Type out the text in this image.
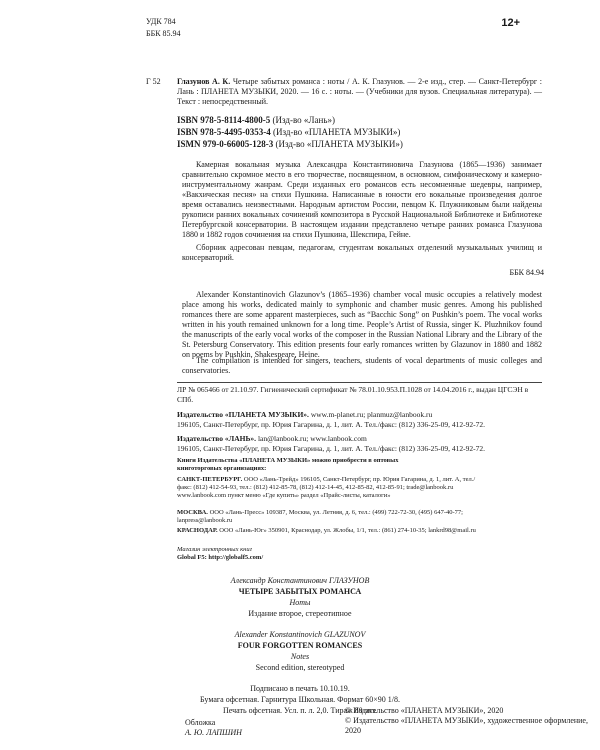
УДК 784
ББК 85.94
12+
Г 52 Глазунов А. К. Четыре забытых романса : ноты / А. К. Глазунов. — 2-е изд., стер. — Санкт-Петербург : Лань : ПЛАНЕТА МУЗЫКИ, 2020. — 16 с. : ноты. — (Учебники для вузов. Специальная литература). — Текст : непосредственный.
ISBN 978-5-8114-4800-5 (Изд-во «Лань»)
ISBN 978-5-4495-0353-4 (Изд-во «ПЛАНЕТА МУЗЫКИ»)
ISMN 979-0-66005-128-3 (Изд-во «ПЛАНЕТА МУЗЫКИ»)
Камерная вокальная музыка Александра Константиновича Глазунова (1865—1936) занимает сравнительно скромное место в его творчестве, посвященном, в основном, симфоническому и камерно-инструментальному жанрам. Среди изданных его романсов есть несомненные шедевры, например, «Вакхическая песня» на стихи Пушкина. Написанные в юности его вокальные произведения долгое время оставались неизвестными. Народным артистом России, певцом К. Плужниковым были найдены рукописи ранних вокальных сочинений композитора в Русской Национальной Библиотеке и Библиотеке Петербургской консерватории. В настоящем издании представлено четыре ранних романса Глазунова 1880 и 1882 годов сочинения на стихи Пушкина, Шекспира, Гейне.
Сборник адресован певцам, педагогам, студентам вокальных отделений музыкальных училищ и консерваторий.
ББК 84.94
Alexander Konstantinovich Glazunov’s (1865–1936) chamber vocal music occupies a relatively modest place among his works, dedicated mainly to symphonic and chamber music genres. Among his published romances there are some apparent masterpieces, such as “Bacchic Song” on Pushkin’s poem. The vocal works written in his youth remained unknown for a long time. People’s Artist of Russia, singer K. Pluzhnikov found the manuscripts of the early vocal works of the composer in the Russian National Library and the Library of the St. Petersburg Conservatory. This edition presents four early romances written by Glazunov in 1880 and 1882 on poems by Pushkin, Shakespeare, Heine.
The compilation is intended for singers, teachers, students of vocal departments of music colleges and conservatories.
ЛР № 065466 от 21.10.97. Гигиенический сертификат № 78.01.10.953.П.1028 от 14.04.2016 г., выдан ЦГСЭН в СПб.
Издательство «ПЛАНЕТА МУЗЫКИ». www.m-planet.ru; planmuz@lanbook.ru
196105, Санкт-Петербург, пр. Юрия Гагарина, д. 1, лит. А. Тел./факс: (812) 336-25-09, 412-92-72.
Издательство «ЛАНЬ». lan@lanbook.ru; www.lanbook.com
196105, Санкт-Петербург, пр. Юрия Гагарина, д. 1, лит. А. Тел./факс: (812) 336-25-09, 412-92-72.
Книги Издательства «ПЛАНЕТА МУЗЫКИ» можно приобрести в оптовых книготорговых организациях:
САНКТ-ПЕТЕРБУРГ. ООО «Лань-Трейд» 196105, Санкт-Петербург, пр. Юрия Гагарина, д. 1, лит. А, тел./факс: (812) 412-54-93, тел.: (812) 412-85-78, (812) 412-14-45, 412-85-82, 412-85-91; trade@lanbook.ru www.lanbook.com пункт меню «Где купить» раздел «Прайс-листы, каталоги»
МОСКВА. ООО «Лань-Пресс» 109387, Москва, ул. Летняя, д. 6, тел.: (499) 722-72-30, (495) 647-40-77; lanpress@lanbook.ru
КРАСНОДАР. ООО «Лань-Юг» 350901, Краснодар, ул. Жлобы, 1/1, тел.: (861) 274-10-35; lankrd98@mail.ru
Магазин электронных книг
Global F5: http://globalf5.com/
Александр Константинович ГЛАЗУНОВ
ЧЕТЫРЕ ЗАБЫТЫХ РОМАНСА
Ноты
Издание второе, стереотипное
Alexander Konstantinovich GLAZUNOV
FOUR FORGOTTEN ROMANCES
Notes
Second edition, stereotyped
Подписано в печать 10.10.19.
Бумага офсетная. Гарнитура Школьная. Формат 60×90 1/8.
Печать офсетная. Усл. п. л. 2,0. Тираж 80 экз.
Обложка
А. Ю. ЛАПШИН
© Издательство «ПЛАНЕТА МУЗЫКИ», 2020
© Издательство «ПЛАНЕТА МУЗЫКИ», художественное оформление, 2020
